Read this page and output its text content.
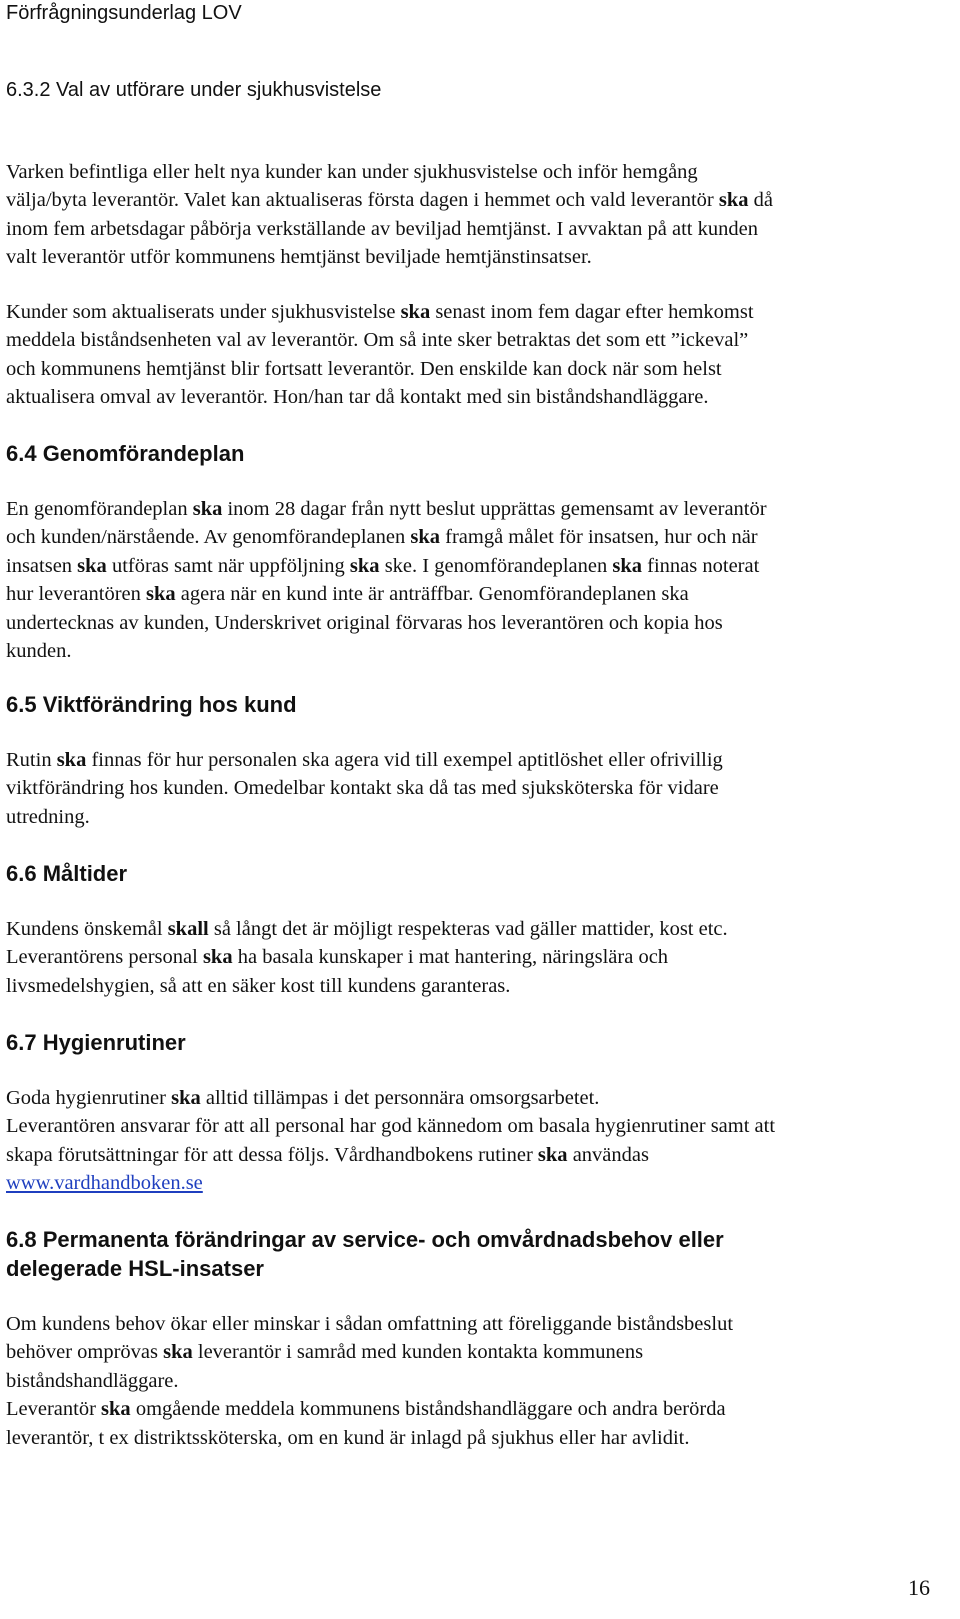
Förfrågningsunderlag LOV
6.3.2 Val av utförare under sjukhusvistelse
Varken befintliga eller helt nya kunder kan under sjukhusvistelse och inför hemgång
välja/byta leverantör. Valet kan aktualiseras första dagen i hemmet och vald leverantör ska då
inom fem arbetsdagar påbörja verkställande av beviljad hemtjänst. I avvaktan på att kunden
valt leverantör utför kommunens hemtjänst beviljade hemtjänstinsatser.
Kunder som aktualiserats under sjukhusvistelse ska senast inom fem dagar efter hemkomst
meddela biståndsenheten val av leverantör. Om så inte sker betraktas det som ett ”ickeval”
och kommunens hemtjänst blir fortsatt leverantör. Den enskilde kan dock när som helst
aktualisera omval av leverantör. Hon/han tar då kontakt med sin biståndshandläggare.
6.4 Genomförandeplan
En genomförandeplan ska inom 28 dagar från nytt beslut upprättas gemensamt av leverantör
och kunden/närstående. Av genomförandeplanen ska framgå målet för insatsen, hur och när
insatsen ska utföras samt när uppföljning ska ske. I genomförandeplanen ska finnas noterat
hur leverantören ska agera när en kund inte är anträffbar. Genomförandeplanen ska
undertecknas av kunden, Underskrivet original förvaras hos leverantören och kopia hos
kunden.
6.5 Viktförändring hos kund
Rutin ska finnas för hur personalen ska agera vid till exempel aptitlöshet eller ofrivillig
viktförändring hos kunden. Omedelbar kontakt ska då tas med sjuksköterska för vidare
utredning.
6.6 Måltider
Kundens önskemål skall så långt det är möjligt respekteras vad gäller mattider, kost etc.
Leverantörens personal ska ha basala kunskaper i mat hantering, näringslära och
livsmedelshygien, så att en säker kost till kundens garanteras.
6.7 Hygienrutiner
Goda hygienrutiner ska alltid tillämpas i det personnära omsorgsarbetet.
Leverantören ansvarar för att all personal har god kännedom om basala hygienrutiner samt att
skapa förutsättningar för att dessa följs. Vårdhandbokens rutiner ska användas
www.vardhandboken.se
6.8 Permanenta förändringar av service- och omvårdnadsbehov eller
delegerade HSL-insatser
Om kundens behov ökar eller minskar i sådan omfattning att föreliggande biståndsbeslut
behöver omprövas ska leverantör i samråd med kunden kontakta kommunens
biståndshandläggare.
Leverantör ska omgående meddela kommunens biståndshandläggare och andra berörda
leverantör, t ex distriktssköterska, om en kund är inlagd på sjukhus eller har avlidit.
16
